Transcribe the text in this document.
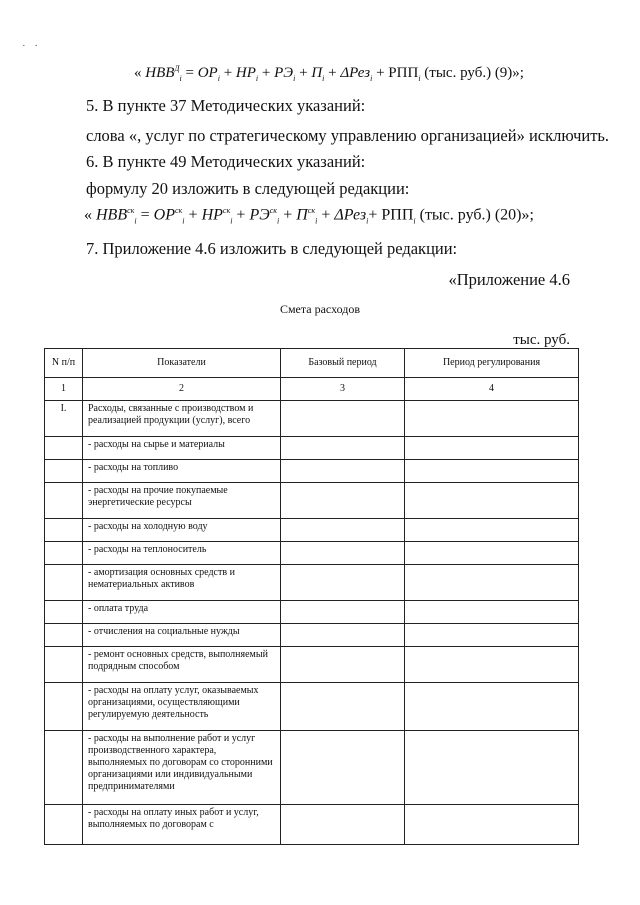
· ·
« $НВВ^Д_i = ОР_i + НР_i + РЭ_i + П_i + \Delta Рез_i + РПП_i$ (тыс. руб.) (9)»;
5. В пункте 37 Методических указаний:
слова «, услуг по стратегическому управлению организацией» исключить.
6. В пункте 49 Методических указаний:
формулу 20 изложить в следующей редакции:
« $НВВ^{ск}_i = ОР^{ск}_i + НР^{ск}_i + РЭ^{ск}_i + П^{ск}_i + \Delta Рез_i+ РПП_i$ (тыс. руб.) (20)»;
7. Приложение 4.6 изложить в следующей редакции:
«Приложение 4.6
Смета расходов
тыс. руб.
N п/п	Показатели	Базовый период	Период регулирования
1	2	3	4
I.	Расходы, связанные с производством и реализацией продукции (услуг), всего		
	- расходы на сырье и материалы		
	- расходы на топливо		
	- расходы на прочие покупаемые энергетические ресурсы		
	- расходы на холодную воду		
	- расходы на теплоноситель		
	- амортизация основных средств и нематериальных активов		
	- оплата труда		
	- отчисления на социальные нужды		
	- ремонт основных средств, выполняемый подрядным способом		
	- расходы на оплату услуг, оказываемых организациями, осуществляющими регулируемую деятельность		
	- расходы на выполнение работ и услуг производственного характера, выполняемых по договорам со сторонними организациями или индивидуальными предпринимателями		
	- расходы на оплату иных работ и услуг, выполняемых по договорам с		
